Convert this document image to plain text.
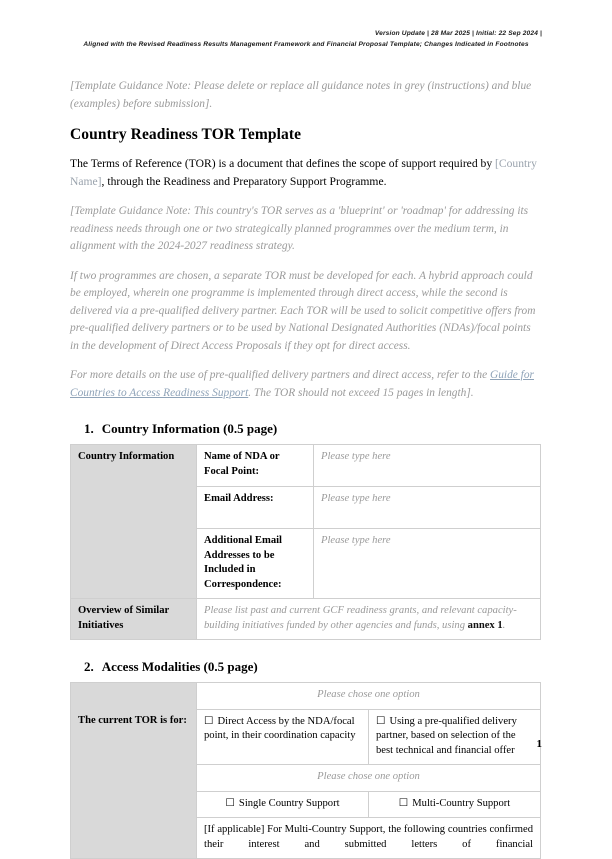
Version Update | 28 Mar 2025 | Initial: 22 Sep 2024 |
Aligned with the Revised Readiness Results Management Framework and Financial Proposal Template; Changes Indicated in Footnotes

[Template Guidance Note: Please delete or replace all guidance notes in grey (instructions) and blue (examples) before submission].

Country Readiness TOR Template

The Terms of Reference (TOR) is a document that defines the scope of support required by [Country Name], through the Readiness and Preparatory Support Programme.

[Template Guidance Note: This country's TOR serves as a 'blueprint' or 'roadmap' for addressing its readiness needs through one or two strategically planned programmes over the medium term, in alignment with the 2024-2027 readiness strategy.

If two programmes are chosen, a separate TOR must be developed for each. A hybrid approach could be employed, wherein one programme is implemented through direct access, while the second is delivered via a pre-qualified delivery partner. Each TOR will be used to solicit competitive offers from pre-qualified delivery partners or to be used by National Designated Authorities (NDAs)/focal points in the development of Direct Access Proposals if they opt for direct access.

For more details on the use of pre-qualified delivery partners and direct access, refer to the Guide for Countries to Access Readiness Support. The TOR should not exceed 15 pages in length].

1. Country Information (0.5 page)
Country Information	Name of NDA or Focal Point:	Please type here
	Email Address:	Please type here
	Additional Email Addresses to be Included in Correspondence:	Please type here
Overview of Similar Initiatives	Please list past and current GCF readiness grants, and relevant capacity-building initiatives funded by other agencies and funds, using annex 1.	
2. Access Modalities (0.5 page)
	Please chose one option	
The current TOR is for:	☐ Direct Access by the NDA/focal point, in their coordination capacity	☐ Using a pre-qualified delivery partner, based on selection of the best technical and financial offer
	Please chose one option	
	☐ Single Country Support	☐ Multi-Country Support
	[If applicable] For Multi-Country Support, the following countries confirmed their interest and submitted letters of financial	
1
